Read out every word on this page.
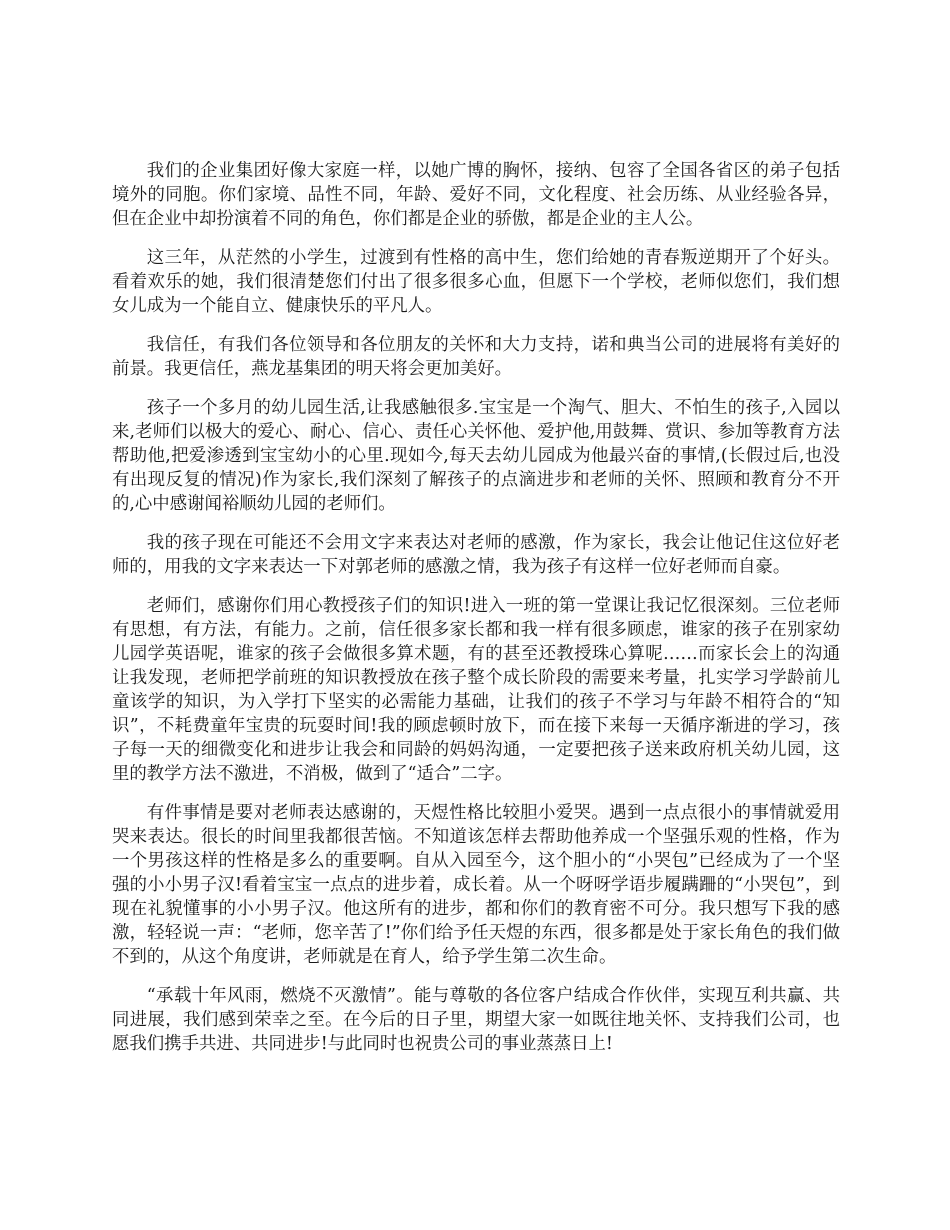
我们的企业集团好像大家庭一样，以她广博的胸怀，接纳、包容了全国各省区的弟子包括境外的同胞。你们家境、品性不同，年龄、爱好不同，文化程度、社会历练、从业经验各异，但在企业中却扮演着不同的角色，你们都是企业的骄傲，都是企业的主人公。

这三年，从茫然的小学生，过渡到有性格的高中生，您们给她的青春叛逆期开了个好头。看着欢乐的她，我们很清楚您们付出了很多很多心血，但愿下一个学校，老师似您们，我们想女儿成为一个能自立、健康快乐的平凡人。

我信任，有我们各位领导和各位朋友的关怀和大力支持，诺和典当公司的进展将有美好的前景。我更信任，燕龙基集团的明天将会更加美好。

孩子一个多月的幼儿园生活,让我感触很多.宝宝是一个淘气、胆大、不怕生的孩子,入园以来,老师们以极大的爱心、耐心、信心、责任心关怀他、爱护他,用鼓舞、赏识、参加等教育方法帮助他,把爱渗透到宝宝幼小的心里.现如今,每天去幼儿园成为他最兴奋的事情,(长假过后,也没有出现反复的情况)作为家长,我们深刻了解孩子的点滴进步和老师的关怀、照顾和教育分不开的,心中感谢闻裕顺幼儿园的老师们。

我的孩子现在可能还不会用文字来表达对老师的感激，作为家长，我会让他记住这位好老师的，用我的文字来表达一下对郭老师的感激之情，我为孩子有这样一位好老师而自豪。

老师们，感谢你们用心教授孩子们的知识!进入一班的第一堂课让我记忆很深刻。三位老师有思想，有方法，有能力。之前，信任很多家长都和我一样有很多顾虑，谁家的孩子在别家幼儿园学英语呢，谁家的孩子会做很多算术题，有的甚至还教授珠心算呢……而家长会上的沟通让我发现，老师把学前班的知识教授放在孩子整个成长阶段的需要来考量，扎实学习学龄前儿童该学的知识，为入学打下坚实的必需能力基础，让我们的孩子不学习与年龄不相符合的“知识”，不耗费童年宝贵的玩耍时间!我的顾虑顿时放下，而在接下来每一天循序渐进的学习，孩子每一天的细微变化和进步让我会和同龄的妈妈沟通，一定要把孩子送来政府机关幼儿园，这里的教学方法不激进，不消极，做到了“适合”二字。

有件事情是要对老师表达感谢的，天煜性格比较胆小爱哭。遇到一点点很小的事情就爱用哭来表达。很长的时间里我都很苦恼。不知道该怎样去帮助他养成一个坚强乐观的性格，作为一个男孩这样的性格是多么的重要啊。自从入园至今，这个胆小的“小哭包”已经成为了一个坚强的小小男子汉!看着宝宝一点点的进步着，成长着。从一个呀呀学语步履蹒跚的“小哭包”，到现在礼貌懂事的小小男子汉。他这所有的进步，都和你们的教育密不可分。我只想写下我的感激，轻轻说一声：“老师，您辛苦了!”你们给予任天煜的东西，很多都是处于家长角色的我们做不到的，从这个角度讲，老师就是在育人，给予学生第二次生命。

“承载十年风雨，燃烧不灭激情”。能与尊敬的各位客户结成合作伙伴，实现互利共赢、共同进展，我们感到荣幸之至。在今后的日子里，期望大家一如既往地关怀、支持我们公司，也愿我们携手共进、共同进步!与此同时也祝贵公司的事业蒸蒸日上!
